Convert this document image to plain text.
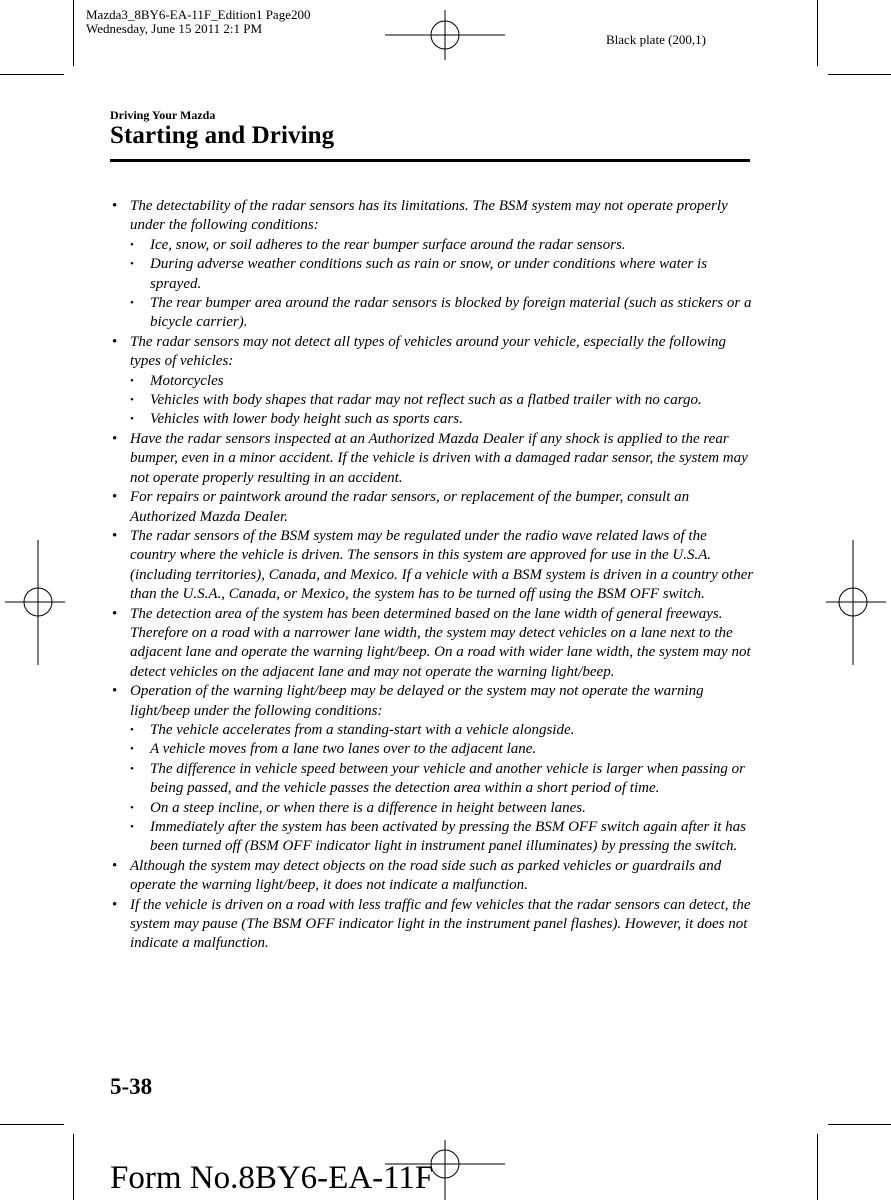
Mazda3_8BY6-EA-11F_Edition1 Page200
Wednesday, June 15 2011 2:1 PM
Black plate (200,1)
Driving Your Mazda
Starting and Driving
• The detectability of the radar sensors has its limitations. The BSM system may not operate properly under the following conditions:
• Ice, snow, or soil adheres to the rear bumper surface around the radar sensors.
• During adverse weather conditions such as rain or snow, or under conditions where water is sprayed.
• The rear bumper area around the radar sensors is blocked by foreign material (such as stickers or a bicycle carrier).
• The radar sensors may not detect all types of vehicles around your vehicle, especially the following types of vehicles:
• Motorcycles
• Vehicles with body shapes that radar may not reflect such as a flatbed trailer with no cargo.
• Vehicles with lower body height such as sports cars.
• Have the radar sensors inspected at an Authorized Mazda Dealer if any shock is applied to the rear bumper, even in a minor accident. If the vehicle is driven with a damaged radar sensor, the system may not operate properly resulting in an accident.
• For repairs or paintwork around the radar sensors, or replacement of the bumper, consult an Authorized Mazda Dealer.
• The radar sensors of the BSM system may be regulated under the radio wave related laws of the country where the vehicle is driven. The sensors in this system are approved for use in the U.S.A. (including territories), Canada, and Mexico. If a vehicle with a BSM system is driven in a country other than the U.S.A., Canada, or Mexico, the system has to be turned off using the BSM OFF switch.
• The detection area of the system has been determined based on the lane width of general freeways. Therefore on a road with a narrower lane width, the system may detect vehicles on a lane next to the adjacent lane and operate the warning light/beep. On a road with wider lane width, the system may not detect vehicles on the adjacent lane and may not operate the warning light/beep.
• Operation of the warning light/beep may be delayed or the system may not operate the warning light/beep under the following conditions:
• The vehicle accelerates from a standing-start with a vehicle alongside.
• A vehicle moves from a lane two lanes over to the adjacent lane.
• The difference in vehicle speed between your vehicle and another vehicle is larger when passing or being passed, and the vehicle passes the detection area within a short period of time.
• On a steep incline, or when there is a difference in height between lanes.
• Immediately after the system has been activated by pressing the BSM OFF switch again after it has been turned off (BSM OFF indicator light in instrument panel illuminates) by pressing the switch.
• Although the system may detect objects on the road side such as parked vehicles or guardrails and operate the warning light/beep, it does not indicate a malfunction.
• If the vehicle is driven on a road with less traffic and few vehicles that the radar sensors can detect, the system may pause (The BSM OFF indicator light in the instrument panel flashes). However, it does not indicate a malfunction.
5-38
Form No.8BY6-EA-11F
